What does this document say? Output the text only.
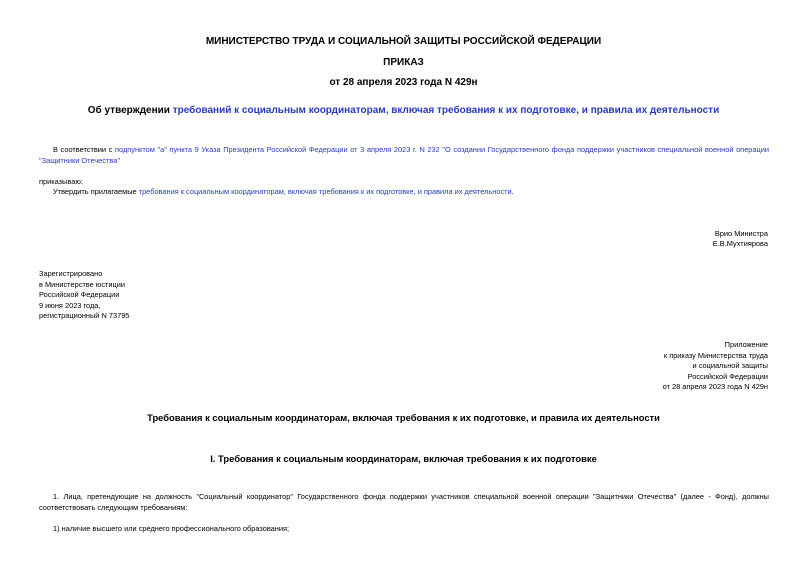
МИНИСТЕРСТВО ТРУДА И СОЦИАЛЬНОЙ ЗАЩИТЫ РОССИЙСКОЙ ФЕДЕРАЦИИ
ПРИКАЗ
от 28 апреля 2023 года N 429н
Об утверждении требований к социальным координаторам, включая требования к их подготовке, и правила их деятельности
В соответствии с подпунктом "а" пункта 9 Указа Президента Российской Федерации от 3 апреля 2023 г. N 232 "О создании Государственного фонда поддержки участников специальной военной операции "Защитники Отечества"
приказываю:
Утвердить прилагаемые требования к социальным координаторам, включая требования к их подготовке, и правила их деятельности.
Врио Министра
Е.В.Мухтиярова
Зарегистрировано
в Министерстве юстиции
Российской Федерации
9 июня 2023 года,
регистрационный N 73795
Приложение
к приказу Министерства труда
и социальной защиты
Российской Федерации
от 28 апреля 2023 года N 429н
Требования к социальным координаторам, включая требования к их подготовке, и правила их деятельности
I. Требования к социальным координаторам, включая требования к их подготовке
1. Лица, претендующие на должность "Социальный координатор" Государственного фонда поддержки участников специальной военной операции "Защитники Отечества" (далее - Фонд), должны соответствовать следующим требованиям:
1) наличие высшего или среднего профессионального образования;
